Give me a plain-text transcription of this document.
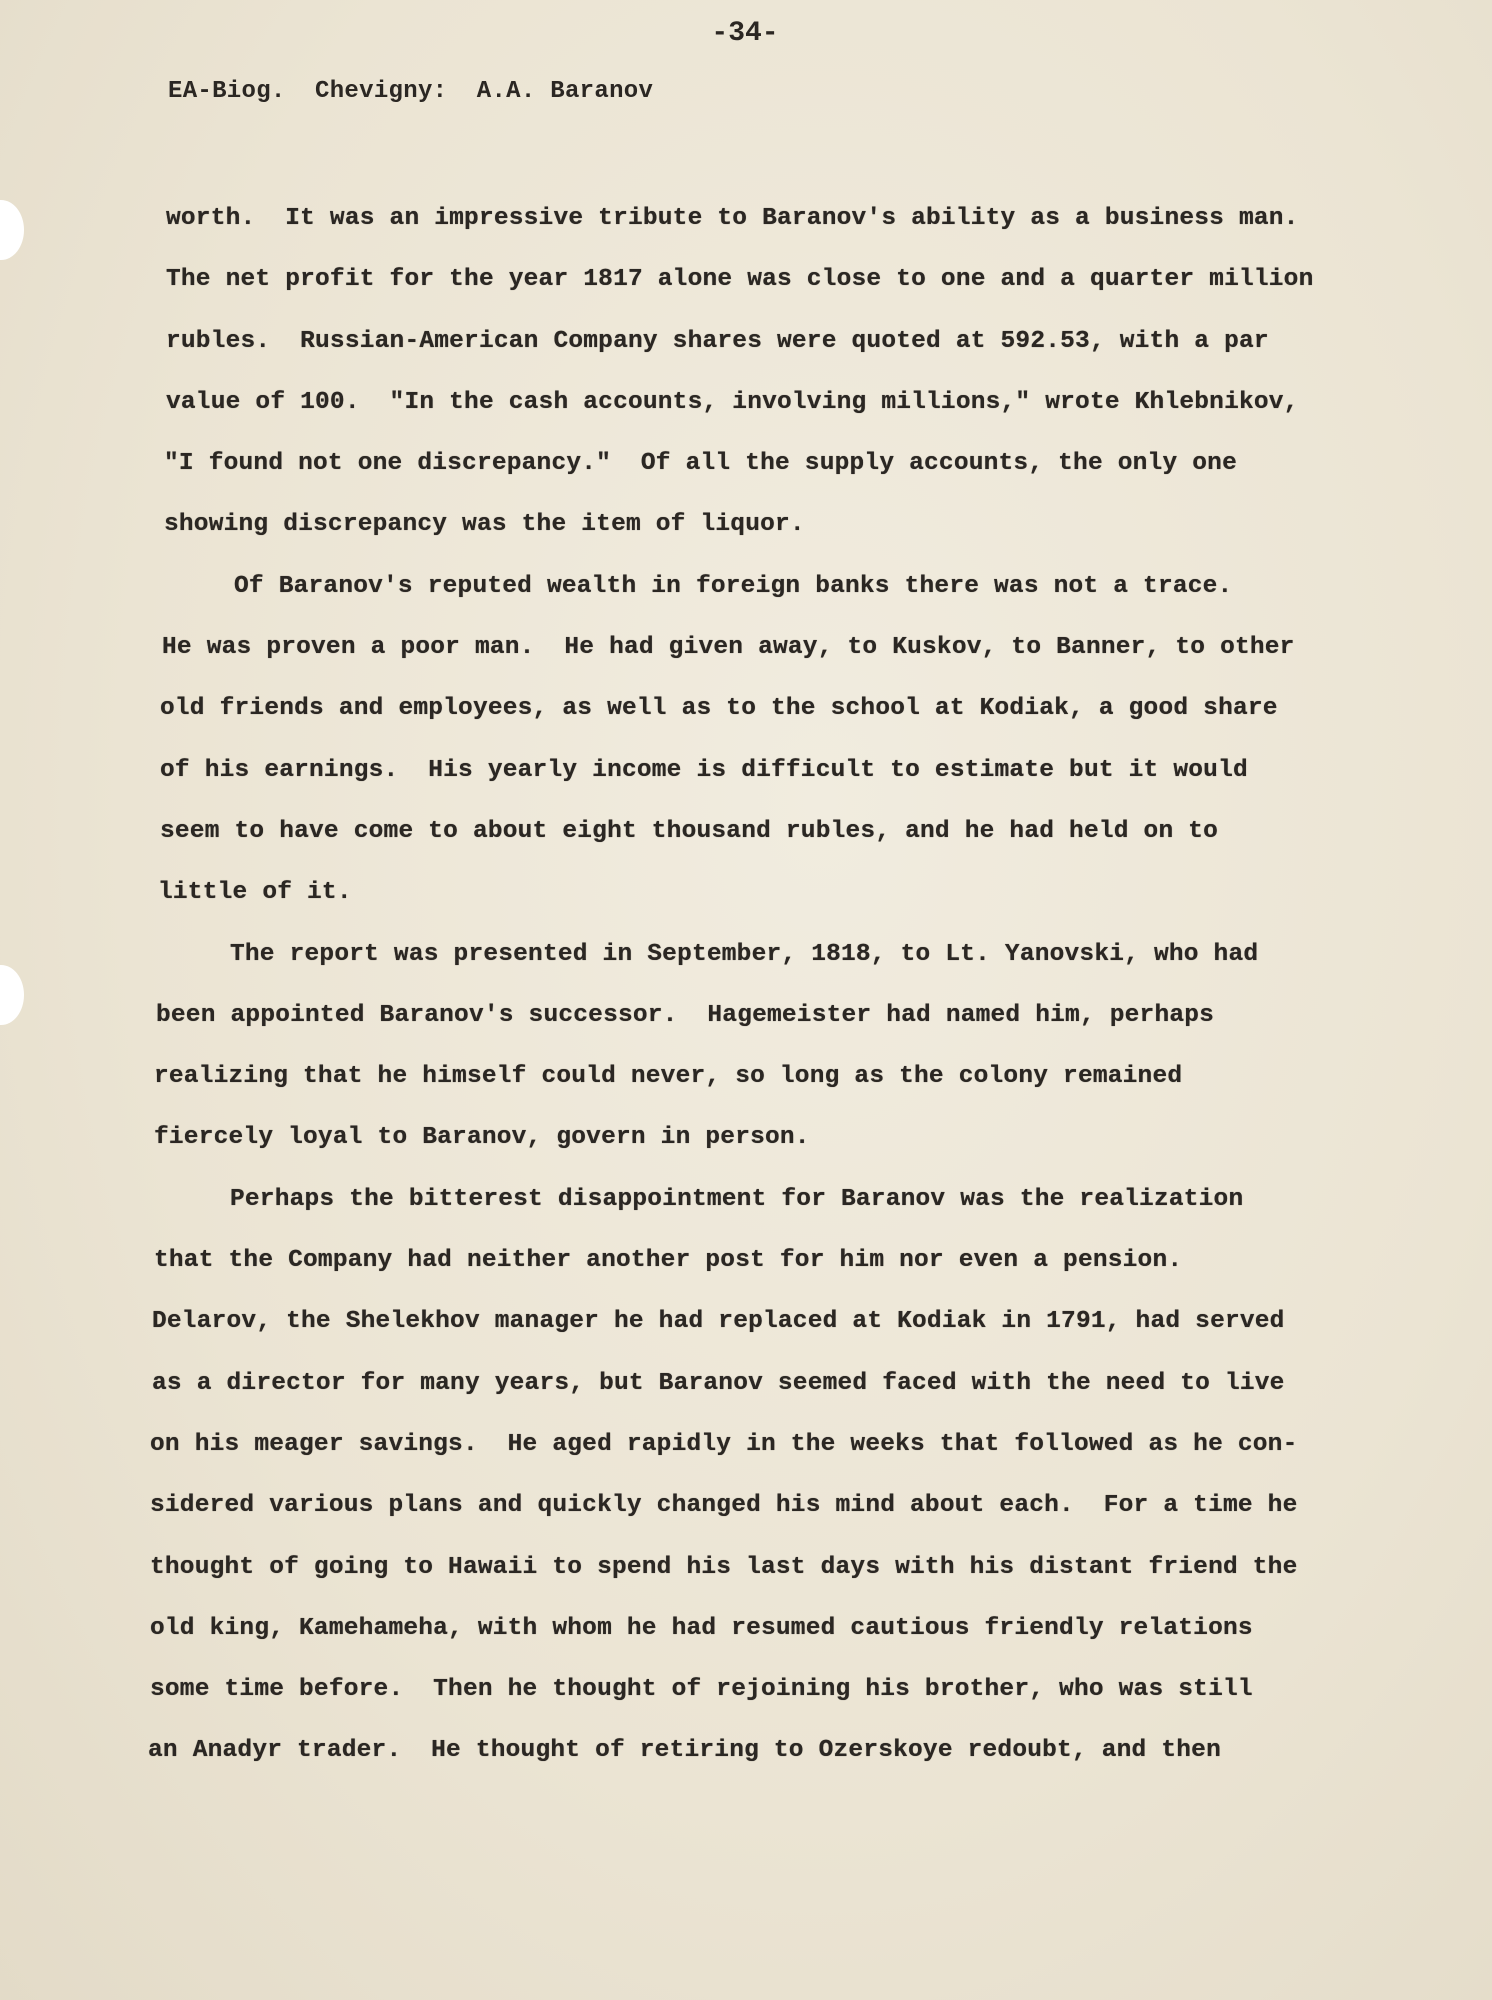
-34-
EA-Biog.  Chevigny:  A.A. Baranov
worth.  It was an impressive tribute to Baranov's ability as a business man.
The net profit for the year 1817 alone was close to one and a quarter million
rubles.  Russian-American Company shares were quoted at 592.53, with a par
value of 100.  "In the cash accounts, involving millions," wrote Khlebnikov,
"I found not one discrepancy."  Of all the supply accounts, the only one
showing discrepancy was the item of liquor.
Of Baranov's reputed wealth in foreign banks there was not a trace.
He was proven a poor man.  He had given away, to Kuskov, to Banner, to other
old friends and employees, as well as to the school at Kodiak, a good share
of his earnings.  His yearly income is difficult to estimate but it would
seem to have come to about eight thousand rubles, and he had held on to
little of it.
The report was presented in September, 1818, to Lt. Yanovski, who had
been appointed Baranov's successor.  Hagemeister had named him, perhaps
realizing that he himself could never, so long as the colony remained
fiercely loyal to Baranov, govern in person.
Perhaps the bitterest disappointment for Baranov was the realization
that the Company had neither another post for him nor even a pension.
Delarov, the Shelekhov manager he had replaced at Kodiak in 1791, had served
as a director for many years, but Baranov seemed faced with the need to live
on his meager savings.  He aged rapidly in the weeks that followed as he con-
sidered various plans and quickly changed his mind about each.  For a time he
thought of going to Hawaii to spend his last days with his distant friend the
old king, Kamehameha, with whom he had resumed cautious friendly relations
some time before.  Then he thought of rejoining his brother, who was still
an Anadyr trader.  He thought of retiring to Ozerskoye redoubt, and then
